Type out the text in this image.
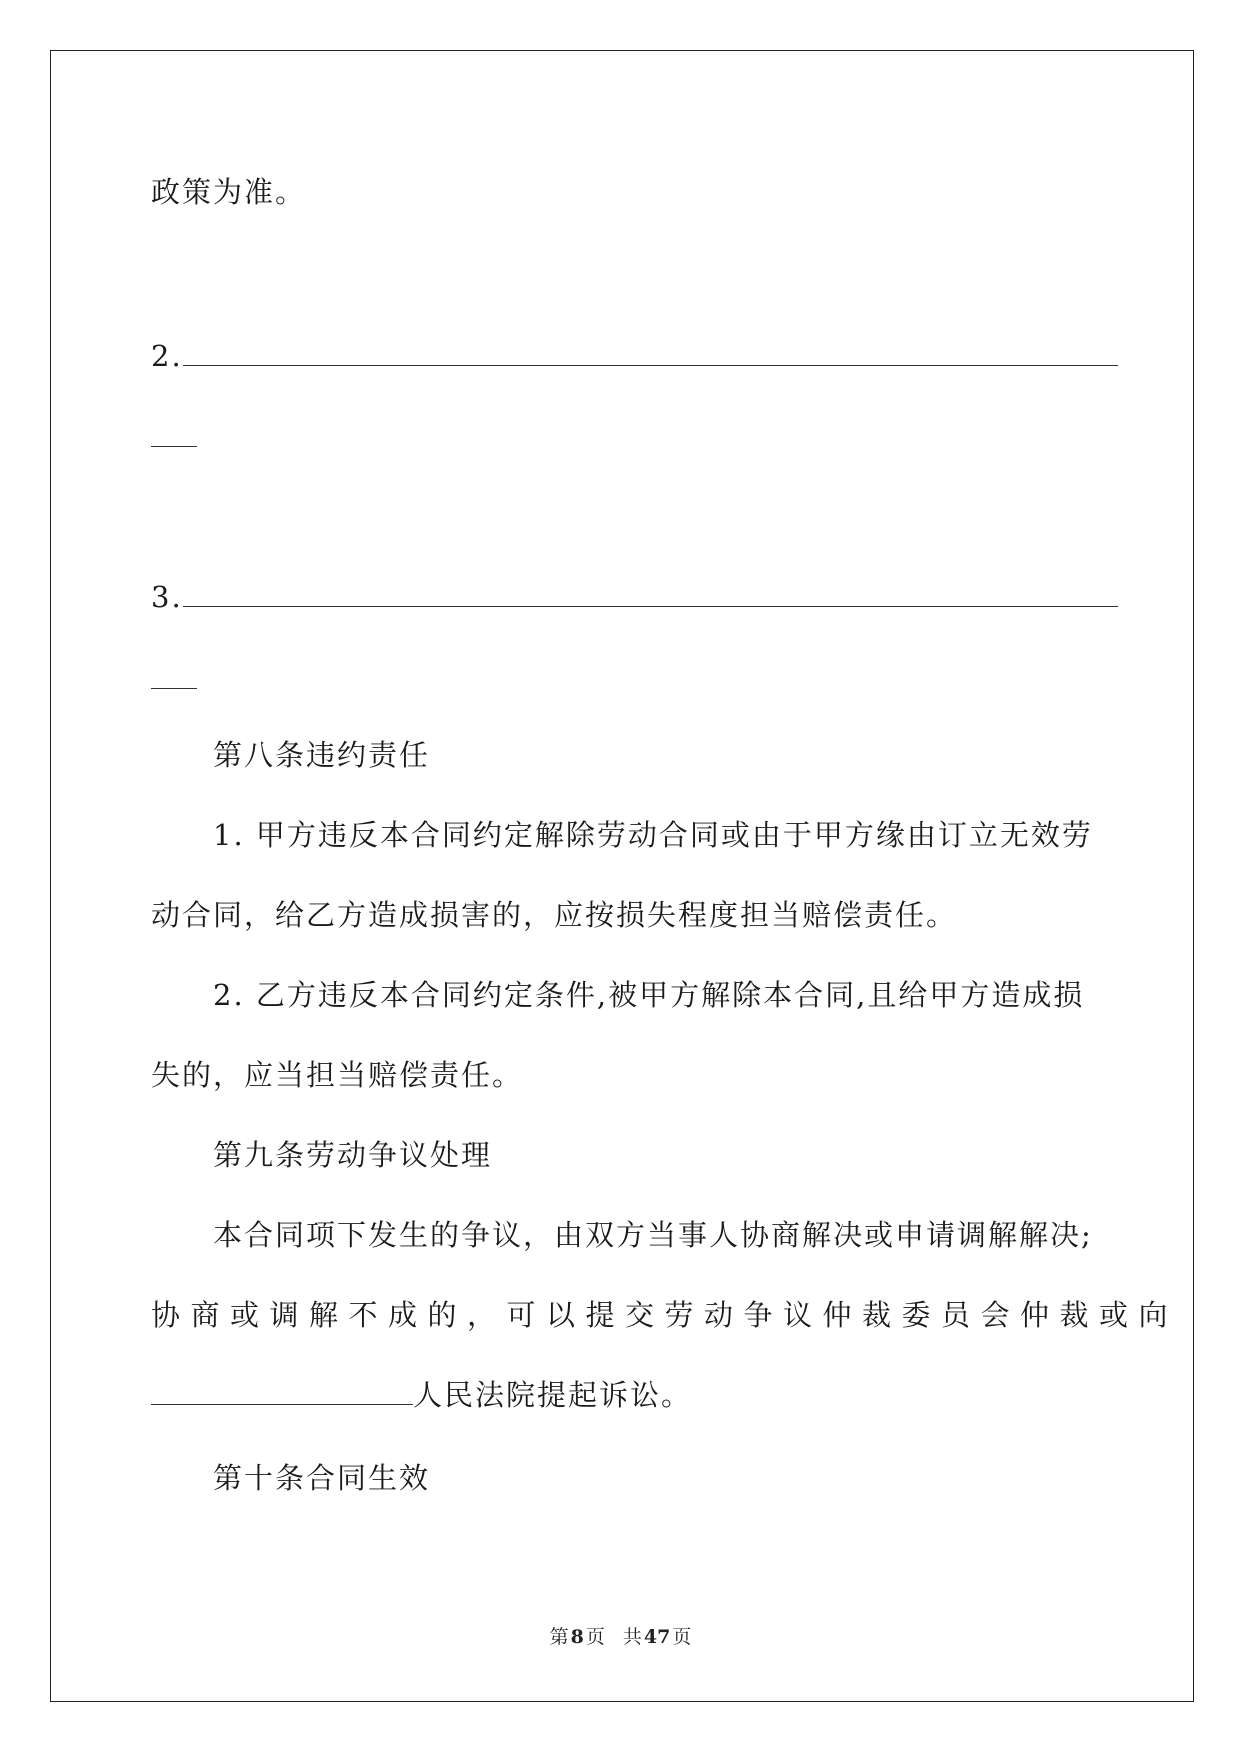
政策为准。
2.
3.
第八条违约责任
1. 甲方违反本合同约定解除劳动合同或由于甲方缘由订立无效劳
动合同，给乙方造成损害的，应按损失程度担当赔偿责任。
2. 乙方违反本合同约定条件,被甲方解除本合同,且给甲方造成损
失的，应当担当赔偿责任。
第九条劳动争议处理
本合同项下发生的争议，由双方当事人协商解决或申请调解解决;
协商或调解不成的，可以提交劳动争议仲裁委员会仲裁或向
人民法院提起诉讼。
第十条合同生效
第 8 页 共 47 页
